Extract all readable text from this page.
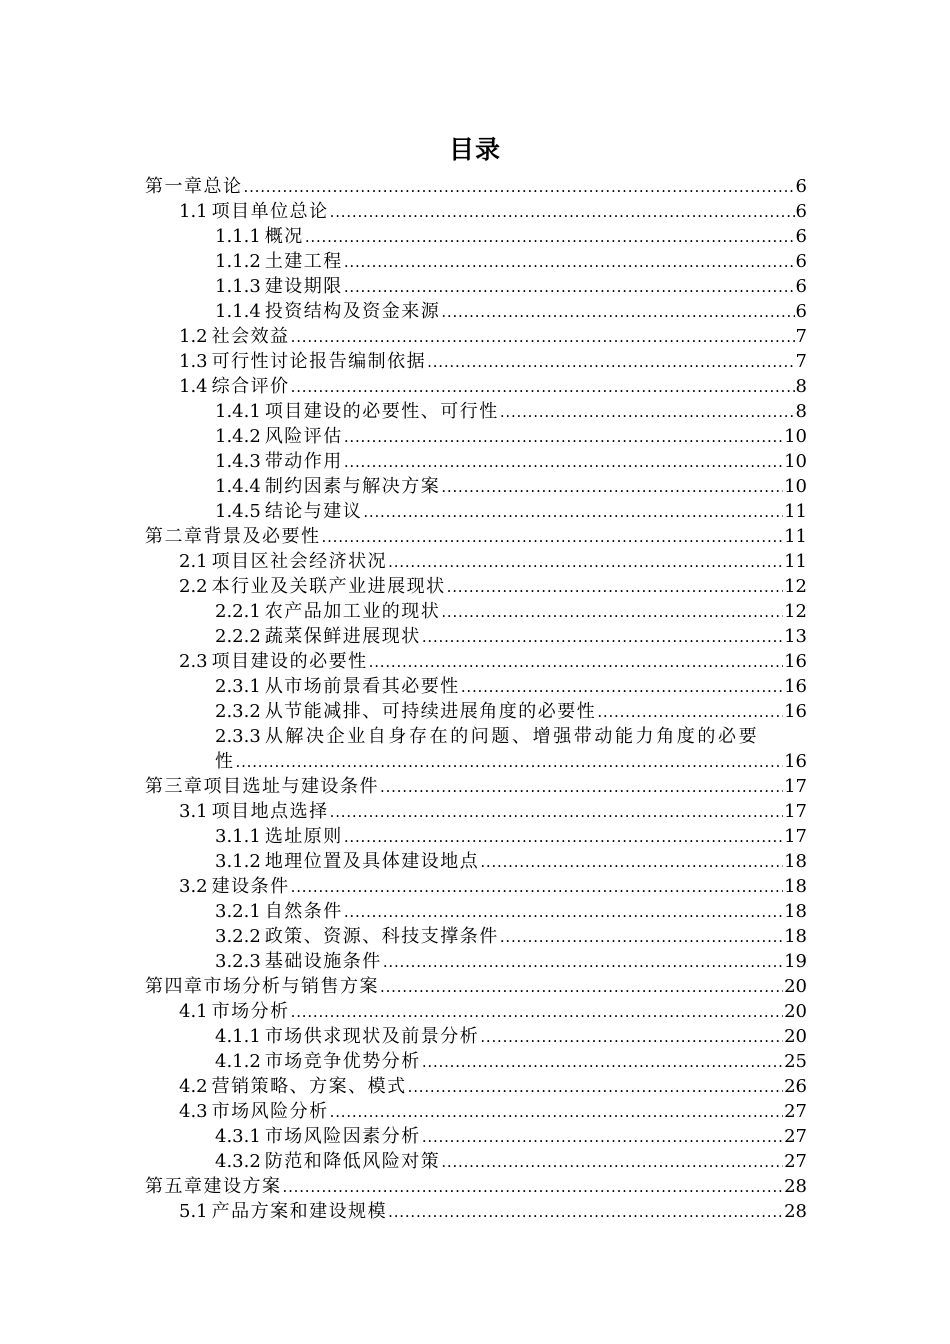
目录
第一章总论 .....	6
1.1 项目单位总论 .....	6
1.1.1 概况 .....	6
1.1.2 土建工程 .....	6
1.1.3 建设期限 .....	6
1.1.4 投资结构及资金来源 .....	6
1.2 社会效益 .....	7
1.3 可行性讨论报告编制依据 .....	7
1.4 综合评价 .....	8
1.4.1 项目建设的必要性、可行性 .....	8
1.4.2 风险评估 .....	10
1.4.3 带动作用 .....	10
1.4.4 制约因素与解决方案 .....	10
1.4.5 结论与建议 .....	11
第二章背景及必要性 .....	11
2.1 项目区社会经济状况 .....	11
2.2 本行业及关联产业进展现状 .....	12
2.2.1 农产品加工业的现状 .....	12
2.2.2 蔬菜保鲜进展现状 .....	13
2.3 项目建设的必要性 .....	16
2.3.1 从市场前景看其必要性 .....	16
2.3.2 从节能减排、可持续进展角度的必要性 .....	16
2.3.3 从解决企业自身存在的问题、增强带动能力角度的必要
性 .....	16
第三章项目选址与建设条件 .....	17
3.1 项目地点选择 .....	17
3.1.1 选址原则 .....	17
3.1.2 地理位置及具体建设地点 .....	18
3.2 建设条件 .....	18
3.2.1 自然条件 .....	18
3.2.2 政策、资源、科技支撑条件 .....	18
3.2.3 基础设施条件 .....	19
第四章市场分析与销售方案 .....	20
4.1 市场分析 .....	20
4.1.1 市场供求现状及前景分析 .....	20
4.1.2 市场竞争优势分析 .....	25
4.2 营销策略、方案、模式 .....	26
4.3 市场风险分析 .....	27
4.3.1 市场风险因素分析 .....	27
4.3.2 防范和降低风险对策 .....	27
第五章建设方案 .....	28
5.1 产品方案和建设规模 .....	28
